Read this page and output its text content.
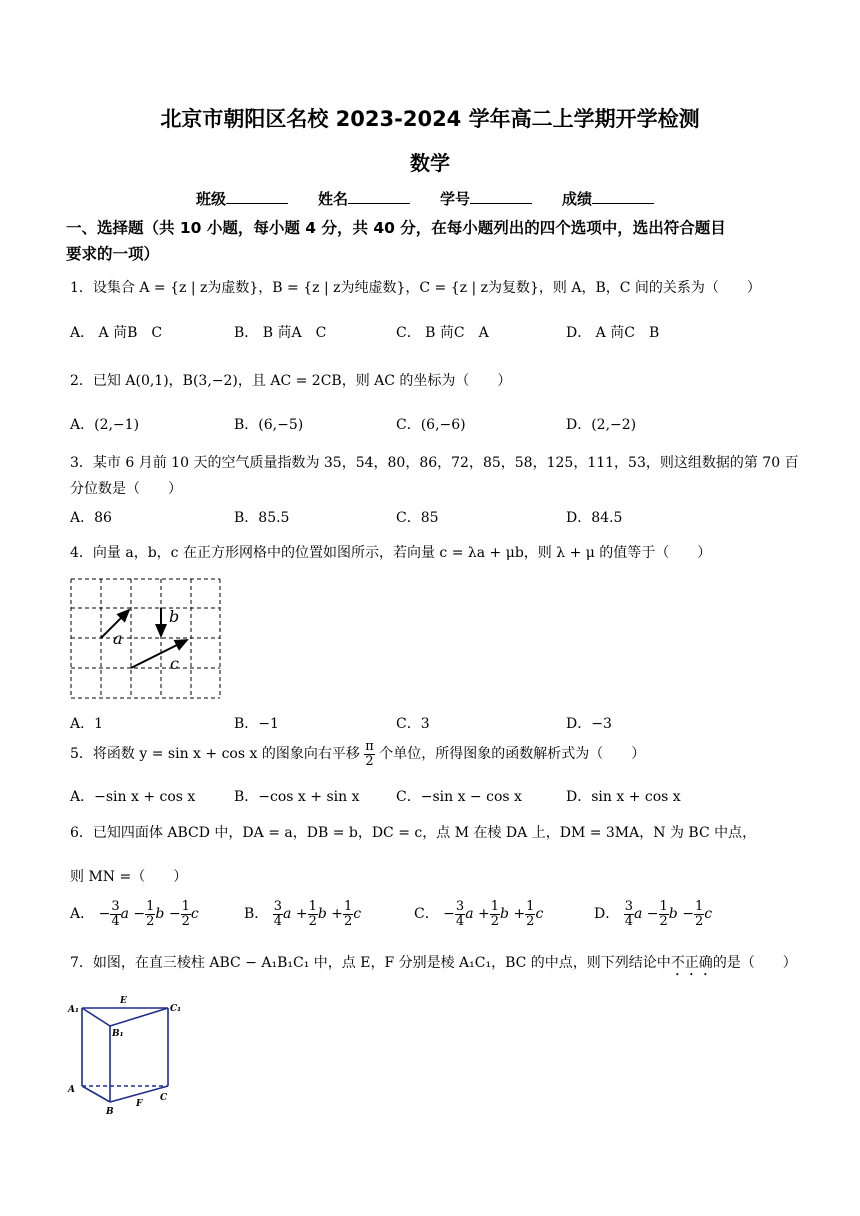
北京市朝阳区名校 2023-2024 学年高二上学期开学检测
数学
班级	姓名	学号	成绩
一、选择题（共 10 小题，每小题 4 分，共 40 分，在每小题列出的四个选项中，选出符合题目
要求的一项）
1．设集合 A = {z | z为虚数}，B = {z | z为纯虚数}，C = {z | z为复数}，则 A，B，C 间的关系为（　　）
A． A 苘B　C	B． B 苘A　C	C． B 苘C　A	D． A 苘C　B
2．已知 A(0,1)，B(3,−2)，且 AC = 2CB，则 AC 的坐标为（　　）
A．(2,−1)	B．(6,−5)	C．(6,−6)	D．(2,−2)
3．某市 6 月前 10 天的空气质量指数为 35，54，80，86，72，85，58，125，111，53，则这组数据的第 70 百
分位数是（　　）
A．86	B．85.5	C．85	D．84.5
4．向量 a，b，c 在正方形网格中的位置如图所示，若向量 c = λa + μb，则 λ + μ 的值等于（　　）
a
b
c
A．1	B．−1	C．3	D．−3
5．将函数 y = sin x + cos x 的图象向右平移 $\frac{\pi}{2}$ 个单位，所得图象的函数解析式为（　　）
A．−sin x + cos x	B．−cos x + sin x	C．−sin x − cos x	D．sin x + cos x
6．已知四面体 ABCD 中，DA = a，DB = b，DC = c，点 M 在棱 DA 上，DM = 3MA，N 为 BC 中点，
则 MN =（　　）
A． − $\frac{3}{4}$ $a - \frac{1}{2}$ $b - \frac{1}{2}$ c	B． $\frac{3}{4}$ $a + \frac{1}{2}$ $b + \frac{1}{2}$ c	C． − $\frac{3}{4}$ $a + \frac{1}{2}$ $b + \frac{1}{2}$ c	D． $\frac{3}{4}$ $a - \frac{1}{2}$ $b - \frac{1}{2}$ c
7．如图，在直三棱柱 ABC − A₁B₁C₁ 中，点 E，F 分别是棱 A₁C₁，BC 的中点，则下列结论中不正确的是（　　）
A₁
E
C₁
B₁
A
B
F
C
